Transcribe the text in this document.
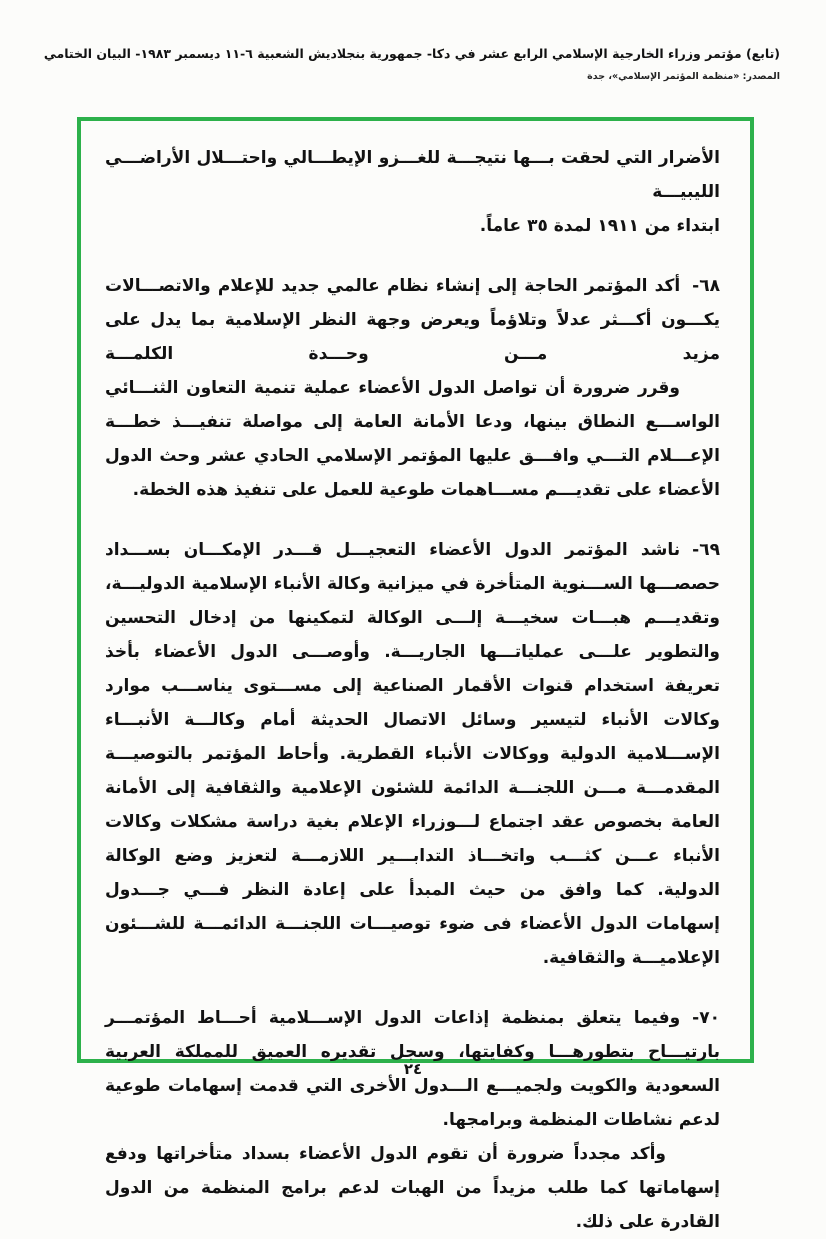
(تابع) مؤتمر وزراء الخارجية الإسلامي الرابع عشر في دكا- جمهورية بنجلاديش الشعبية ٦-١١ ديسمبر ١٩٨٣- البيان الختامي
المصدر: «منظمة المؤتمر الإسلامي»، جدة

الأضرار التي لحقت بـــها نتيجـــة للغـــزو الإيطـــالي واحتـــلال الأراضـــي الليبيـــة

ابتداء من ١٩١١ لمدة ٣٥ عاماً.

٦٨-أكد المؤتمر الحاجة إلى إنشاء نظام عالمي جديد للإعلام والاتصـــالات يكـــون أكـــثر عدلاً وتلاؤماً ويعرض وجهة النظر الإسلامية بما يدل على مزيد مـــن وحـــدة الكلمـــة

وقرر ضرورة أن تواصل الدول الأعضاء عملية تنمية التعاون الثنـــائي الواســـع النطاق بينها، ودعا الأمانة العامة إلى مواصلة تنفيـــذ خطـــة الإعـــلام التـــي وافـــق عليها المؤتمر الإسلامي الحادي عشر وحث الدول الأعضاء على تقديـــم مســـاهمات طوعية للعمل على تنفيذ هذه الخطة.

٦٩-ناشد المؤتمر الدول الأعضاء التعجيـــل قـــدر الإمكـــان بســـداد حصصـــها الســـنوية المتأخرة في ميزانية وكالة الأنباء الإسلامية الدوليـــة، وتقديـــم هبـــات سخيـــة إلـــى الوكالة لتمكينها من إدخال التحسين والتطوير علـــى عملياتـــها الجاريـــة. وأوصـــى الدول الأعضاء بأخذ تعريفة استخدام قنوات الأقمار الصناعية إلى مســـتوى يناســـب موارد وكالات الأنباء لتيسير وسائل الاتصال الحديثة أمام وكالـــة الأنبـــاء الإســـلامية الدولية ووكالات الأنباء القطرية. وأحاط المؤتمر بالتوصيـــة المقدمـــة مـــن اللجنـــة الدائمة للشئون الإعلامية والثقافية إلى الأمانة العامة بخصوص عقد اجتماع لـــوزراء الإعلام بغية دراسة مشكلات وكالات الأنباء عـــن كثـــب واتخـــاذ التدابـــير اللازمـــة لتعزيز وضع الوكالة الدولية. كما وافق من حيث المبدأ على إعادة النظر فـــي جـــدول إسهامات الدول الأعضاء فى ضوء توصيـــات اللجنـــة الدائمـــة للشـــئون الإعلاميـــة والثقافية.

٧٠-وفيما يتعلق بمنظمة إذاعات الدول الإســـلامية أحـــاط المؤتمـــر بارتيـــاح بتطورهـــا وكفايتها، وسجل تقديره العميق للمملكة العربية السعودية والكويت ولجميـــع الـــدول الأخرى التي قدمت إسهامات طوعية لدعم نشاطات المنظمة وبرامجها.

وأكد مجدداً ضرورة أن تقوم الدول الأعضاء بسداد متأخراتها ودفع إسهاماتها كما طلب مزيداً من الهبات لدعم برامج المنظمة من الدول القادرة على ذلك.

٢٤
